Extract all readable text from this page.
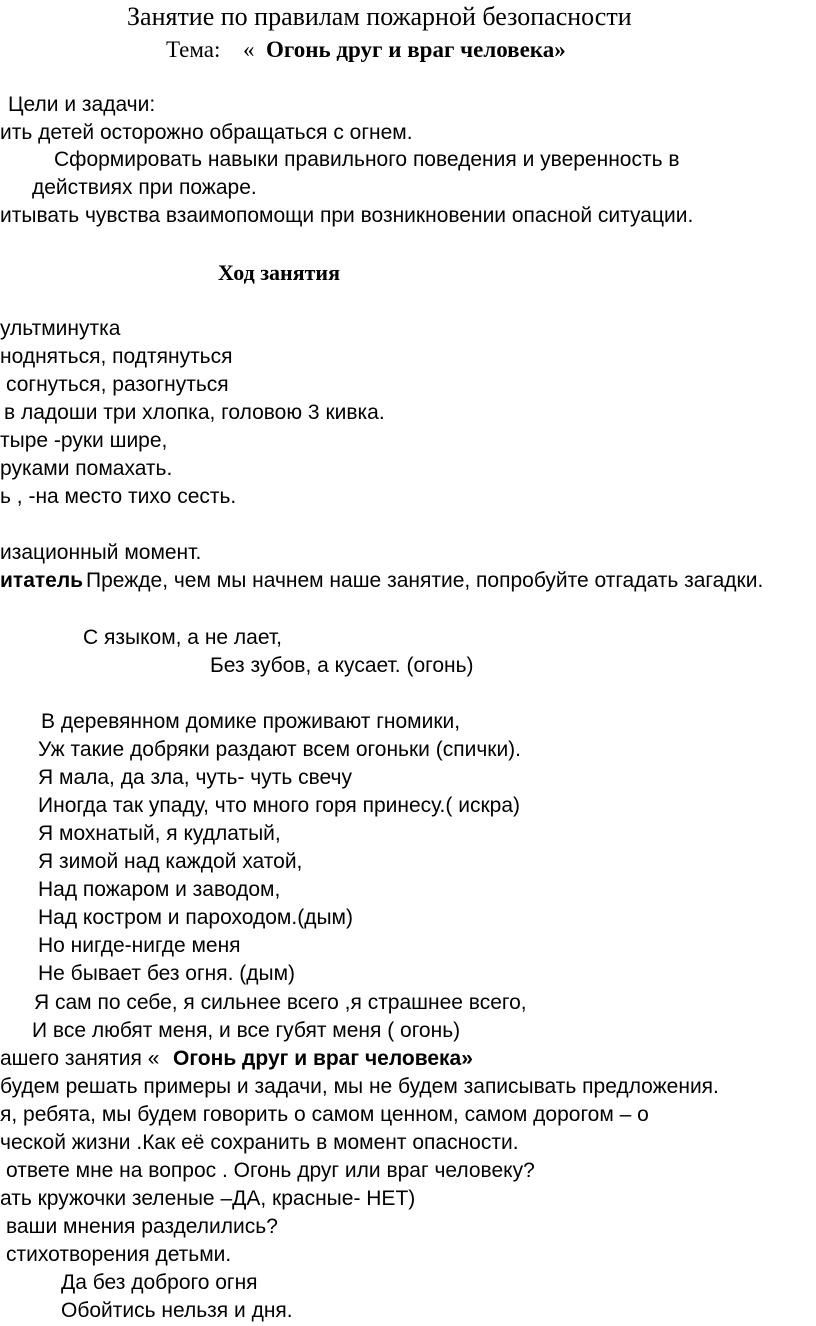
Занятие по правилам пожарной безопасности
Тема: « Огонь друг и враг человека»
Цели и задачи:
ить детей осторожно обращаться с огнем.
Сформировать навыки правильного поведения и уверенность в
действиях при пожаре.
итывать чувства взаимопомощи при возникновении опасной ситуации.
Ход занятия
ультминутка
нодняться, подтянуться
согнуться, разогнуться
в ладоши три хлопка, головою 3 кивка.
тыре -руки шире,
руками помахать.
ь , -на место тихо сесть.
изационный момент.
итатель Прежде, чем мы начнем наше занятие, попробуйте отгадать загадки.
С языком, а не лает,
Без зубов, а кусает. (огонь)
В деревянном домике проживают гномики,
Уж такие добряки раздают всем огоньки (спички).
Я мала, да зла, чуть- чуть свечу
Иногда так упаду, что много горя принесу.( искра)
Я мохнатый, я кудлатый,
Я зимой над каждой хатой,
Над пожаром и заводом,
Над костром и пароходом.(дым)
Но нигде-нигде меня
Не бывает без огня. (дым)
Я сам по себе, я сильнее всего ,я страшнее всего,
И все любят меня, и все губят меня ( огонь)
ашего занятия « Огонь друг и враг человека»
будем решать примеры и задачи, мы не будем записывать предложения.
я, ребята, мы будем говорить о самом ценном, самом дорогом – о
ческой жизни .Как её сохранить в момент опасности.
ответе мне на вопрос . Огонь друг или враг человеку?
ать кружочки зеленые –ДА, красные- НЕТ)
ваши мнения разделились?
стихотворения детьми.
Да без доброго огня
Обойтись нельзя и дня.
